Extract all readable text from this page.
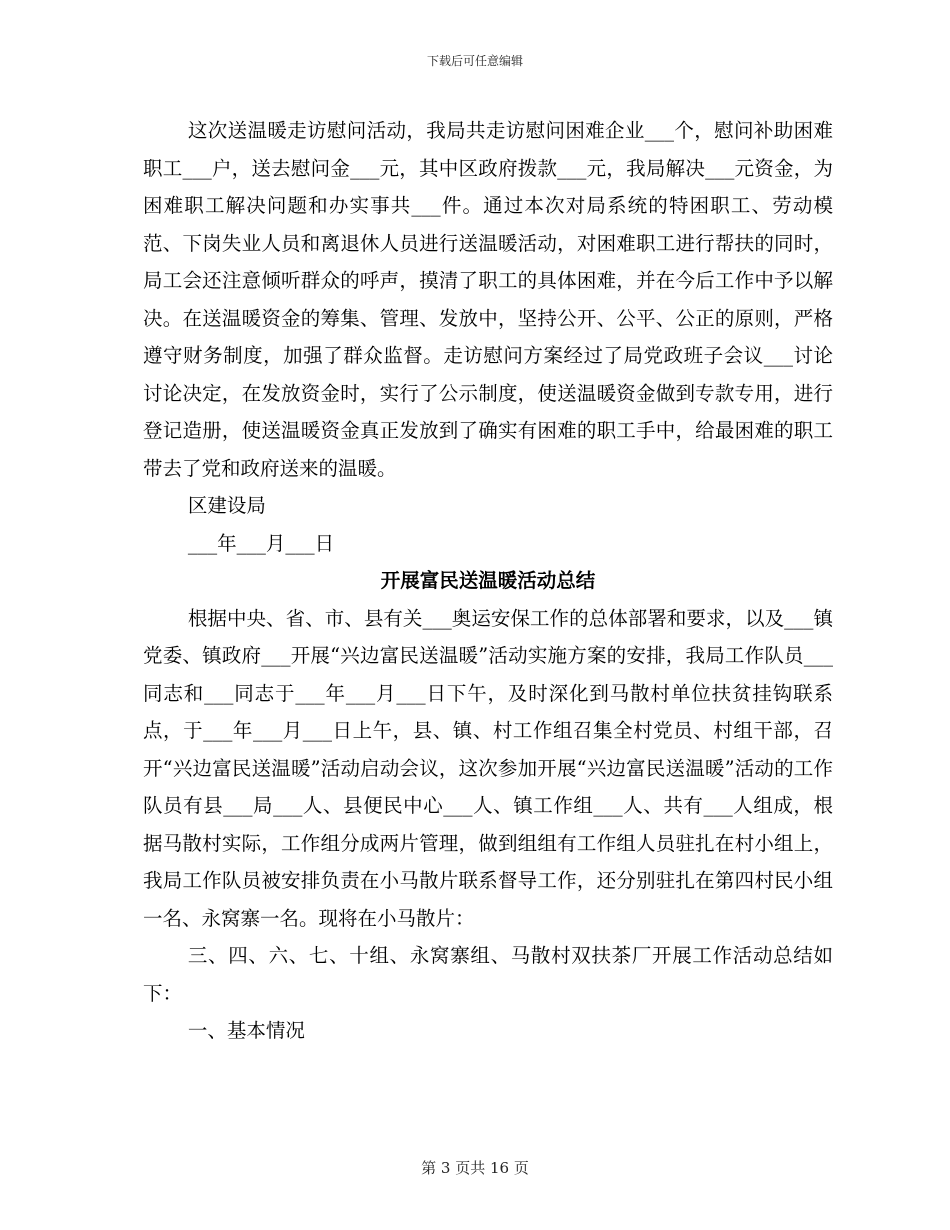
下载后可任意编辑

这次送温暖走访慰问活动，我局共走访慰问困难企业___个，慰问补助困难职工___户，送去慰问金___元，其中区政府拨款___元，我局解决___元资金，为困难职工解决问题和办实事共___件。通过本次对局系统的特困职工、劳动模范、下岗失业人员和离退休人员进行送温暖活动，对困难职工进行帮扶的同时，局工会还注意倾听群众的呼声，摸清了职工的具体困难，并在今后工作中予以解决。在送温暖资金的筹集、管理、发放中，坚持公开、公平、公正的原则，严格遵守财务制度，加强了群众监督。走访慰问方案经过了局党政班子会议___讨论讨论决定，在发放资金时，实行了公示制度，使送温暖资金做到专款专用，进行登记造册，使送温暖资金真正发放到了确实有困难的职工手中，给最困难的职工带去了党和政府送来的温暖。

区建设局

___年___月___日

开展富民送温暖活动总结

根据中央、省、市、县有关___奥运安保工作的总体部署和要求，以及___镇党委、镇政府___开展“兴边富民送温暖”活动实施方案的安排，我局工作队员___同志和___同志于___年___月___日下午，及时深化到马散村单位扶贫挂钩联系点，于___年___月___日上午，县、镇、村工作组召集全村党员、村组干部，召开“兴边富民送温暖”活动启动会议，这次参加开展“兴边富民送温暖”活动的工作队员有县___局___人、县便民中心___人、镇工作组___人、共有___人组成，根据马散村实际，工作组分成两片管理，做到组组有工作组人员驻扎在村小组上，我局工作队员被安排负责在小马散片联系督导工作，还分别驻扎在第四村民小组一名、永窝寨一名。现将在小马散片：

三、四、六、七、十组、永窝寨组、马散村双扶茶厂开展工作活动总结如下：

一、基本情况

第 3 页共 16 页
